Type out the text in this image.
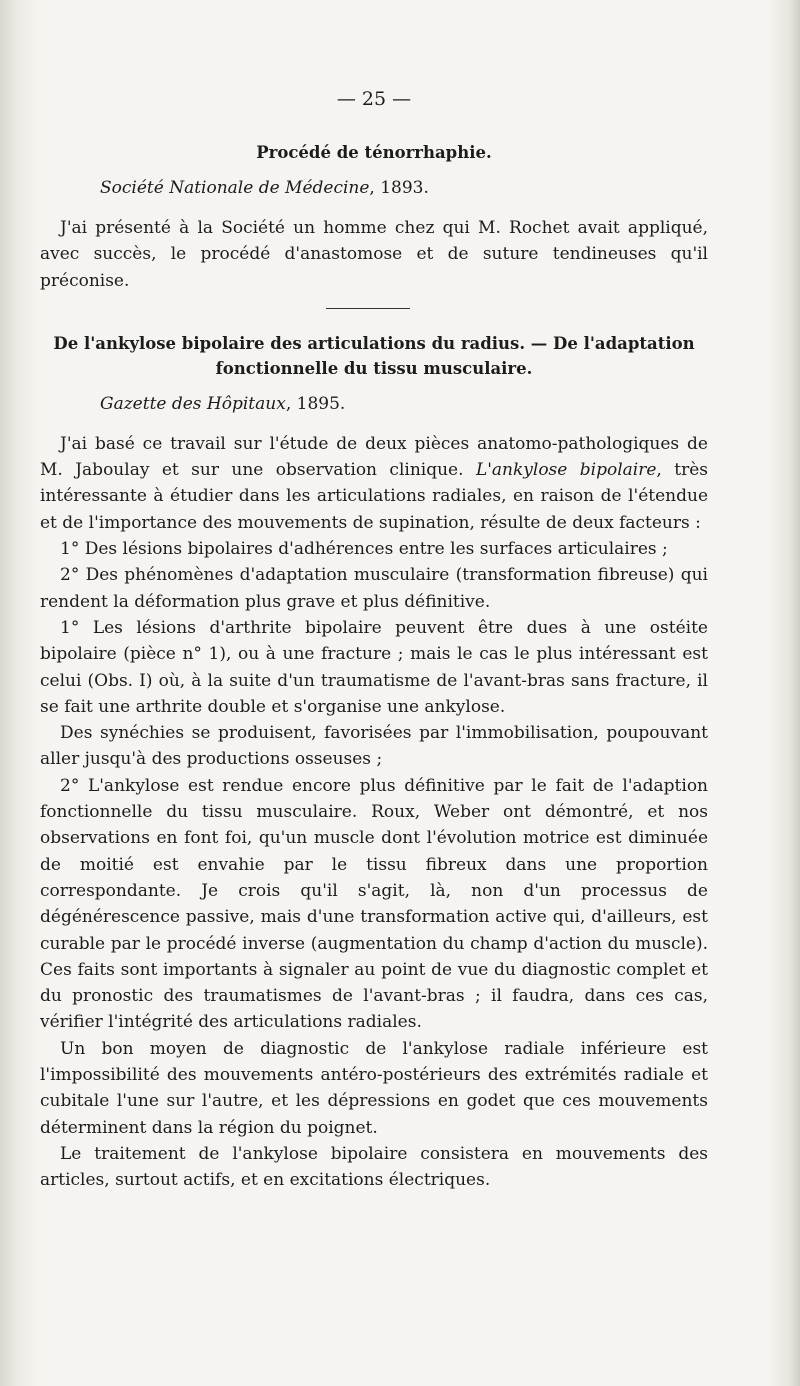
— 25 —
Procédé de ténorrhaphie.
Société Nationale de Médecine, 1893.

J'ai présenté à la Société un homme chez qui M. Rochet avait appliqué, avec succès, le procédé d'anastomose et de suture tendineuses qu'il préconise.

De l'ankylose bipolaire des articulations du radius. — De l'adaptation
fonctionnelle du tissu musculaire.
Gazette des Hôpitaux, 1895.

J'ai basé ce travail sur l'étude de deux pièces anatomo-pathologiques de M. Jaboulay et sur une observation clinique. L'ankylose bipolaire, très intéressante à étudier dans les articulations radiales, en raison de l'étendue et de l'importance des mouvements de supination, résulte de deux facteurs :

1° Des lésions bipolaires d'adhérences entre les surfaces articulaires ;

2° Des phénomènes d'adaptation musculaire (transformation fibreuse) qui rendent la déformation plus grave et plus définitive.

1° Les lésions d'arthrite bipolaire peuvent être dues à une ostéite bipolaire (pièce n° 1), ou à une fracture ; mais le cas le plus intéressant est celui (Obs. I) où, à la suite d'un traumatisme de l'avant-bras sans fracture, il se fait une arthrite double et s'organise une ankylose.

Des synéchies se produisent, favorisées par l'immobilisation, poupouvant aller jusqu'à des productions osseuses ;

2° L'ankylose est rendue encore plus définitive par le fait de l'adaption fonctionnelle du tissu musculaire. Roux, Weber ont démontré, et nos observations en font foi, qu'un muscle dont l'évolution motrice est diminuée de moitié est envahie par le tissu fibreux dans une proportion correspondante. Je crois qu'il s'agit, là, non d'un processus de dégénérescence passive, mais d'une transformation active qui, d'ailleurs, est curable par le procédé inverse (augmentation du champ d'action du muscle). Ces faits sont importants à signaler au point de vue du diagnostic complet et du pronostic des traumatismes de l'avant-bras ; il faudra, dans ces cas, vérifier l'intégrité des articulations radiales.

Un bon moyen de diagnostic de l'ankylose radiale inférieure est l'impossibilité des mouvements antéro-postérieurs des extrémités radiale et cubitale l'une sur l'autre, et les dépressions en godet que ces mouvements déterminent dans la région du poignet.

Le traitement de l'ankylose bipolaire consistera en mouvements des articles, surtout actifs, et en excitations électriques.
